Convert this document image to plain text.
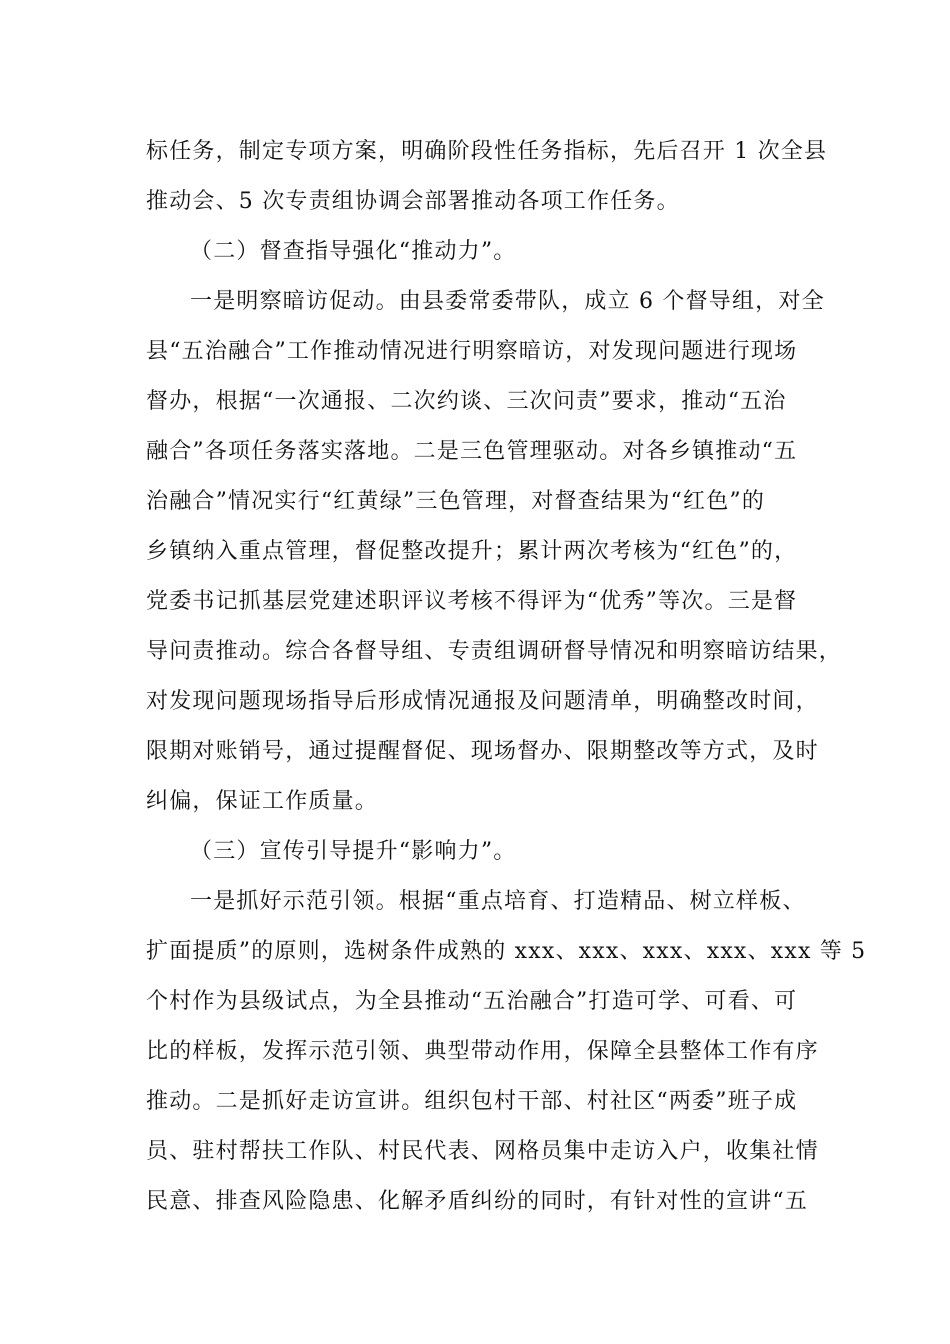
标任务，制定专项方案，明确阶段性任务指标，先后召开 1 次全县
推动会、5 次专责组协调会部署推动各项工作任务。
（二）督查指导强化“推动力”。
一是明察暗访促动。由县委常委带队，成立 6 个督导组，对全
县“五治融合”工作推动情况进行明察暗访，对发现问题进行现场
督办，根据“一次通报、二次约谈、三次问责”要求，推动“五治
融合”各项任务落实落地。二是三色管理驱动。对各乡镇推动“五
治融合”情况实行“红黄绿”三色管理，对督查结果为“红色”的
乡镇纳入重点管理，督促整改提升；累计两次考核为“红色”的，
党委书记抓基层党建述职评议考核不得评为“优秀”等次。三是督
导问责推动。综合各督导组、专责组调研督导情况和明察暗访结果，
对发现问题现场指导后形成情况通报及问题清单，明确整改时间，
限期对账销号，通过提醒督促、现场督办、限期整改等方式，及时
纠偏，保证工作质量。
（三）宣传引导提升“影响力”。
一是抓好示范引领。根据“重点培育、打造精品、树立样板、
扩面提质”的原则，选树条件成熟的 xxx、xxx、xxx、xxx、xxx 等 5
个村作为县级试点，为全县推动“五治融合”打造可学、可看、可
比的样板，发挥示范引领、典型带动作用，保障全县整体工作有序
推动。二是抓好走访宣讲。组织包村干部、村社区“两委”班子成
员、驻村帮扶工作队、村民代表、网格员集中走访入户，收集社情
民意、排查风险隐患、化解矛盾纠纷的同时，有针对性的宣讲“五
